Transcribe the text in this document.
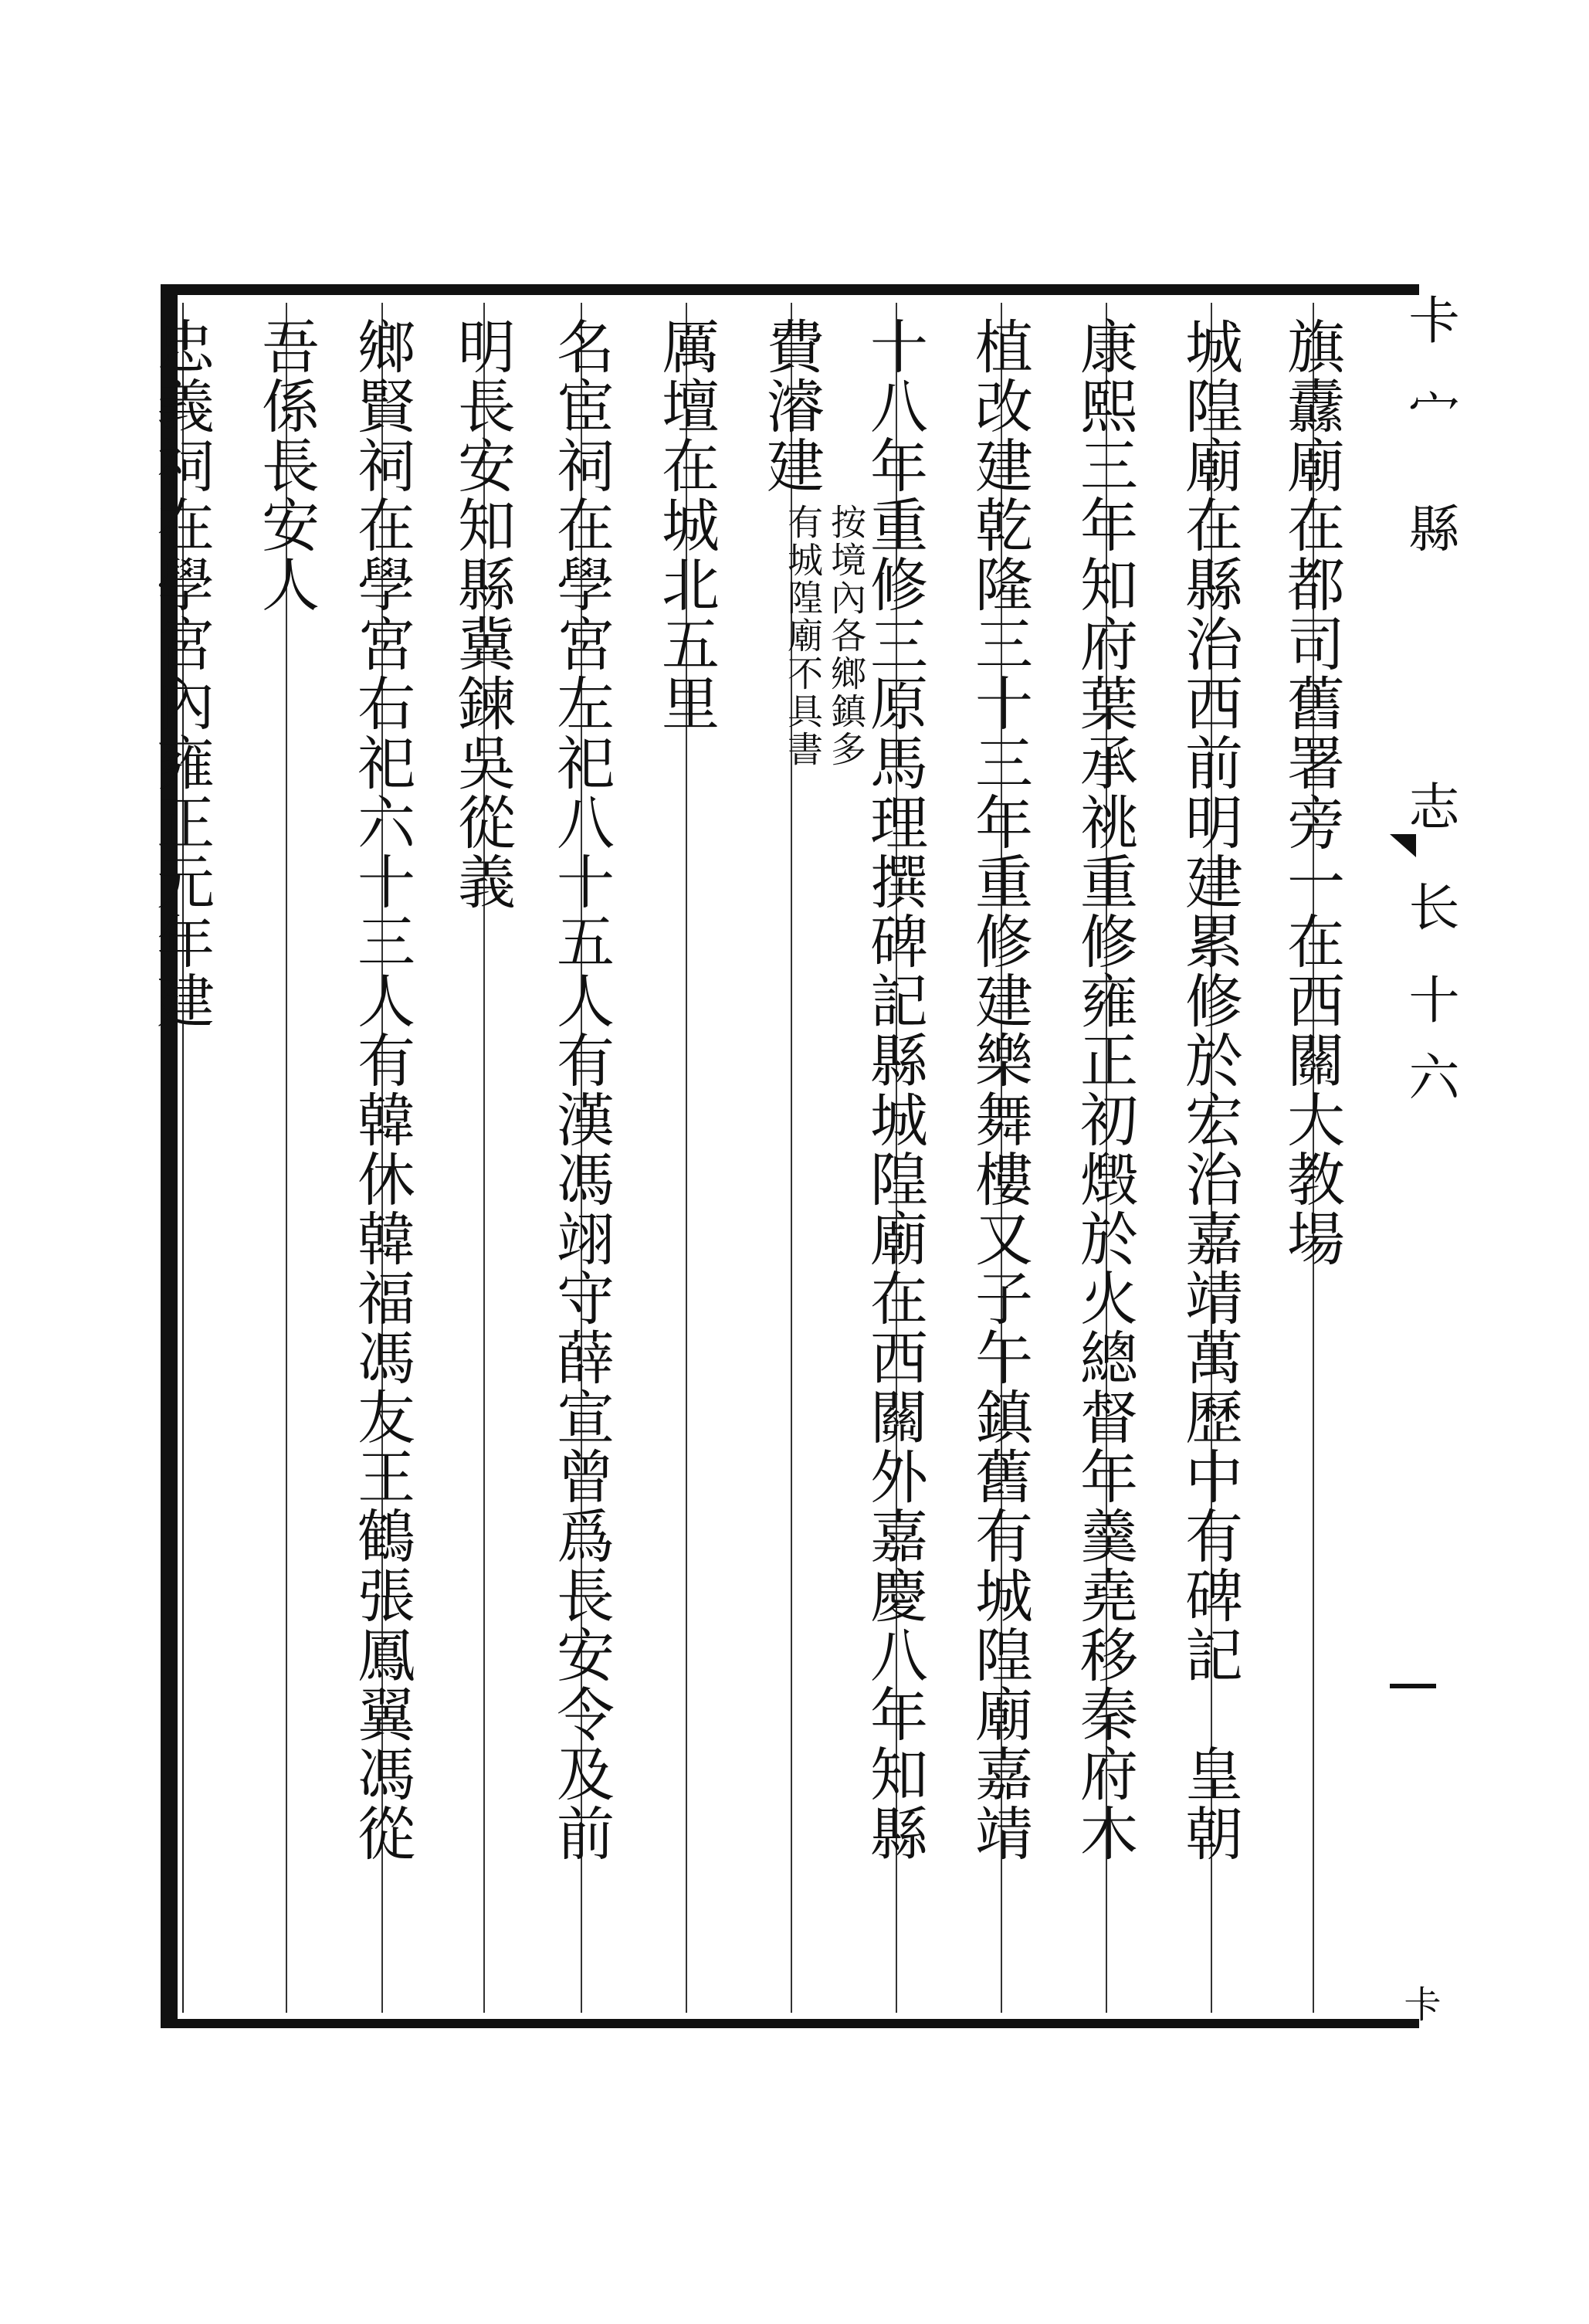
旗纛廟在都司舊署旁一在西關大教場
城隍廟在縣治西前明建累修於宏治嘉靖萬歷中有碑記　皇朝
康熙三年知府葉承祧重修雍正初燬於火總督年羹堯移秦府木
植改建乾隆三十三年重修建樂舞樓又子午鎮舊有城隍廟嘉靖
十八年重修三原馬理撰碑記縣城隍廟在西關外嘉慶八年知縣
費濬建
按境內各鄉鎮多
有城隍廟不具書
厲壇在城北五里
名宦祠在學宮左祀八十五人有漢馮翊守薛宣曾爲長安令及前
明長安知縣冀鍊吳從義
鄉賢祠在學宮右祀六十三人有韓休韓福馮友王鶴張鳳翼馮從
吾係長安人
忠義祠在學宮內雍正元年建	卡
宀
縣
志
长
十
六
卡
